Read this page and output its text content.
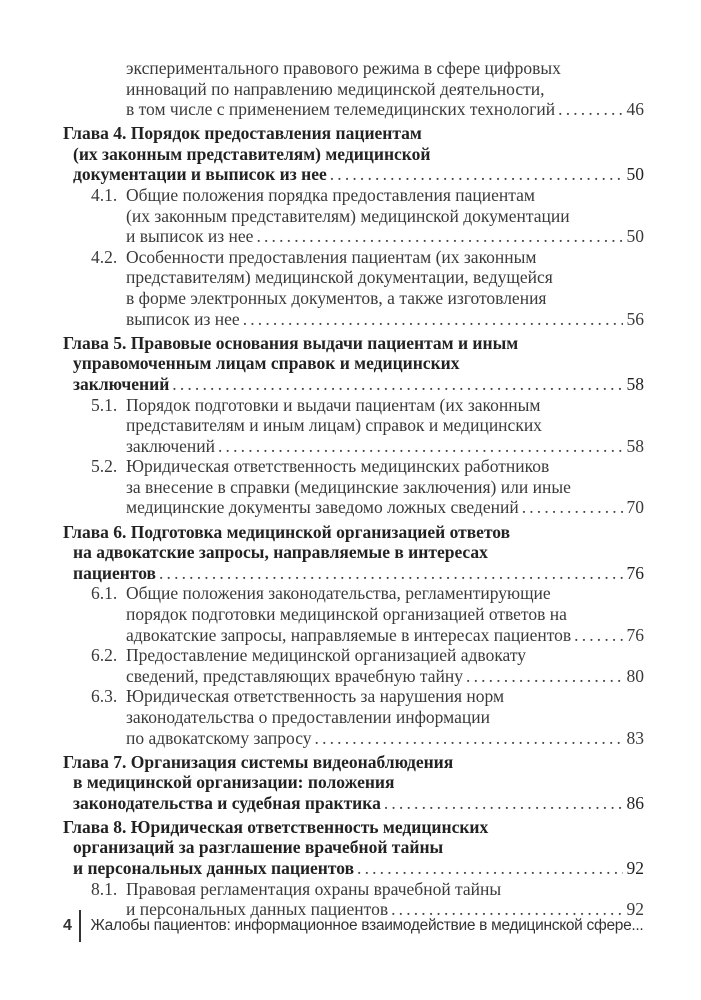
экспериментального правового режима в сфере цифровых
инноваций по направлению медицинской деятельности,
в том числе с применением телемедицинских технологий . . .	46
Глава 4. Порядок предоставления пациентам
(их законным представителям) медицинской
документации и выписок из нее . . .	50
4.1. Общие положения порядка предоставления пациентам
(их законным представителям) медицинской документации
и выписок из нее . . .	50
4.2. Особенности предоставления пациентам (их законным
представителям) медицинской документации, ведущейся
в форме электронных документов, а также изготовления
выписок из нее . . .	56
Глава 5. Правовые основания выдачи пациентам и иным
управомоченным лицам справок и медицинских
заключений . . .	58
5.1. Порядок подготовки и выдачи пациентам (их законным
представителям и иным лицам) справок и медицинских
заключений . . .	58
5.2. Юридическая ответственность медицинских работников
за внесение в справки (медицинские заключения) или иные
медицинские документы заведомо ложных сведений . . .	70
Глава 6. Подготовка медицинской организацией ответов
на адвокатские запросы, направляемые в интересах
пациентов . . .	76
6.1. Общие положения законодательства, регламентирующие
порядок подготовки медицинской организацией ответов на
адвокатские запросы, направляемые в интересах пациентов . . .	76
6.2. Предоставление медицинской организацией адвокату
сведений, представляющих врачебную тайну . . .	80
6.3. Юридическая ответственность за нарушения норм
законодательства о предоставлении информации
по адвокатскому запросу . . .	83
Глава 7. Организация системы видеонаблюдения
в медицинской организации: положения
законодательства и судебная практика . . .	86
Глава 8. Юридическая ответственность медицинских
организаций за разглашение врачебной тайны
и персональных данных пациентов . . .	92
8.1. Правовая регламентация охраны врачебной тайны
и персональных данных пациентов . . .	92
4	Жалобы пациентов: информационное взаимодействие в медицинской сфере...
